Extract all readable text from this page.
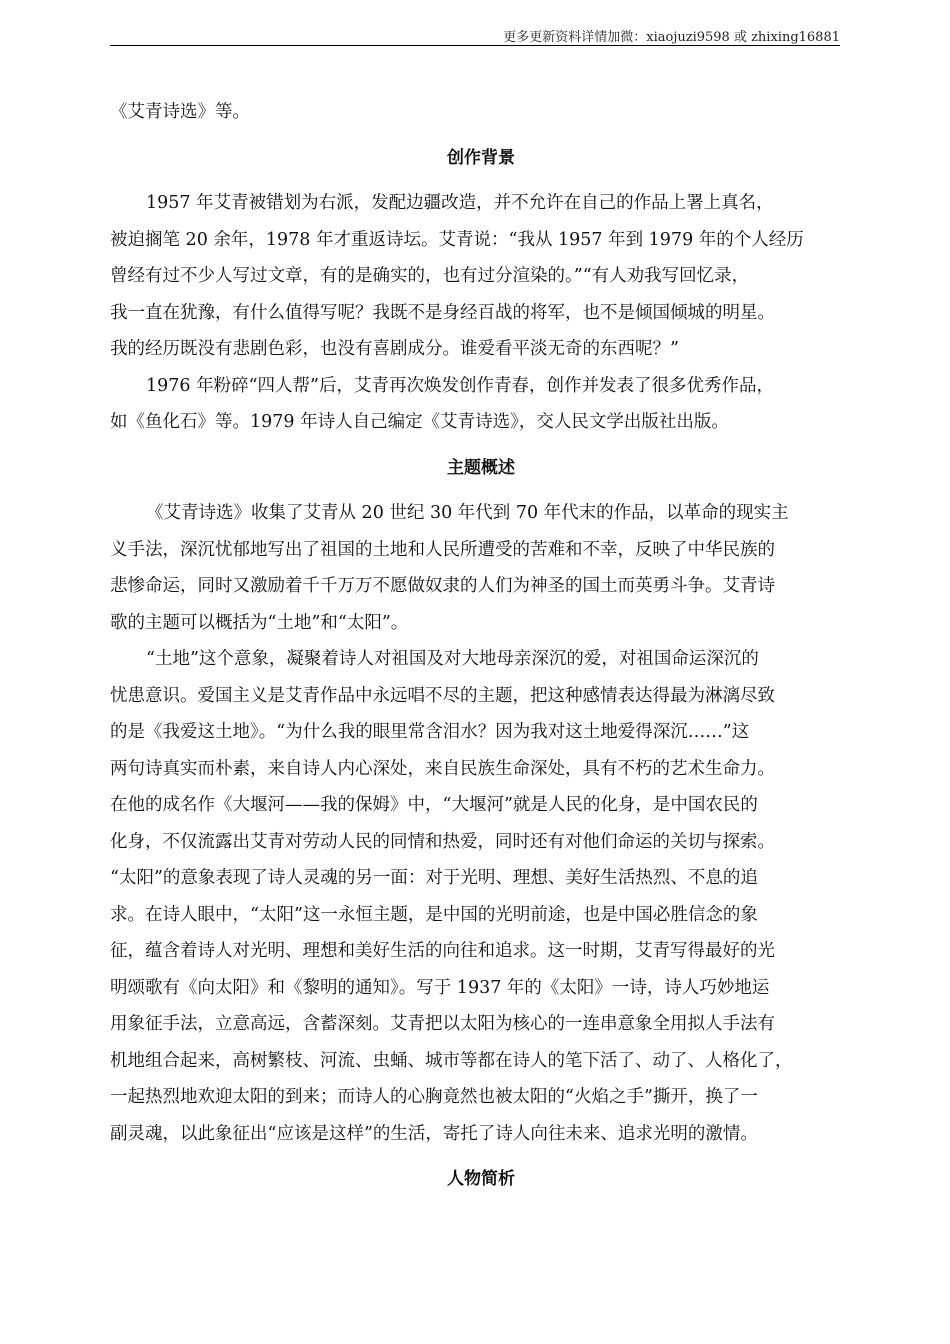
更多更新资料详情加微：xiaojuzi9598 或 zhixing16881
《艾青诗选》等。
创作背景
1957 年艾青被错划为右派，发配边疆改造，并不允许在自己的作品上署上真名，
被迫搁笔 20 余年，1978 年才重返诗坛。艾青说：“我从 1957 年到 1979 年的个人经历
曾经有过不少人写过文章，有的是确实的，也有过分渲染的。”“有人劝我写回忆录，
我一直在犹豫，有什么值得写呢？我既不是身经百战的将军，也不是倾国倾城的明星。
我的经历既没有悲剧色彩，也没有喜剧成分。谁爱看平淡无奇的东西呢？”
1976 年粉碎“四人帮”后，艾青再次焕发创作青春，创作并发表了很多优秀作品，
如《鱼化石》等。1979 年诗人自己编定《艾青诗选》，交人民文学出版社出版。
主题概述
《艾青诗选》收集了艾青从 20 世纪 30 年代到 70 年代末的作品，以革命的现实主
义手法，深沉忧郁地写出了祖国的土地和人民所遭受的苦难和不幸，反映了中华民族的
悲惨命运，同时又激励着千千万万不愿做奴隶的人们为神圣的国土而英勇斗争。艾青诗
歌的主题可以概括为“土地”和“太阳”。
“土地”这个意象，凝聚着诗人对祖国及对大地母亲深沉的爱，对祖国命运深沉的
忧患意识。爱国主义是艾青作品中永远唱不尽的主题，把这种感情表达得最为淋漓尽致
的是《我爱这土地》。“为什么我的眼里常含泪水？因为我对这土地爱得深沉……”这
两句诗真实而朴素，来自诗人内心深处，来自民族生命深处，具有不朽的艺术生命力。
在他的成名作《大堰河——我的保姆》中，“大堰河”就是人民的化身，是中国农民的
化身，不仅流露出艾青对劳动人民的同情和热爱，同时还有对他们命运的关切与探索。
“太阳”的意象表现了诗人灵魂的另一面：对于光明、理想、美好生活热烈、不息的追
求。在诗人眼中，“太阳”这一永恒主题，是中国的光明前途，也是中国必胜信念的象
征，蕴含着诗人对光明、理想和美好生活的向往和追求。这一时期，艾青写得最好的光
明颂歌有《向太阳》和《黎明的通知》。写于 1937 年的《太阳》一诗，诗人巧妙地运
用象征手法，立意高远，含蓄深刻。艾青把以太阳为核心的一连串意象全用拟人手法有
机地组合起来，高树繁枝、河流、虫蛹、城市等都在诗人的笔下活了、动了、人格化了，
一起热烈地欢迎太阳的到来；而诗人的心胸竟然也被太阳的“火焰之手”撕开，换了一
副灵魂，以此象征出“应该是这样”的生活，寄托了诗人向往未来、追求光明的激情。
人物简析
